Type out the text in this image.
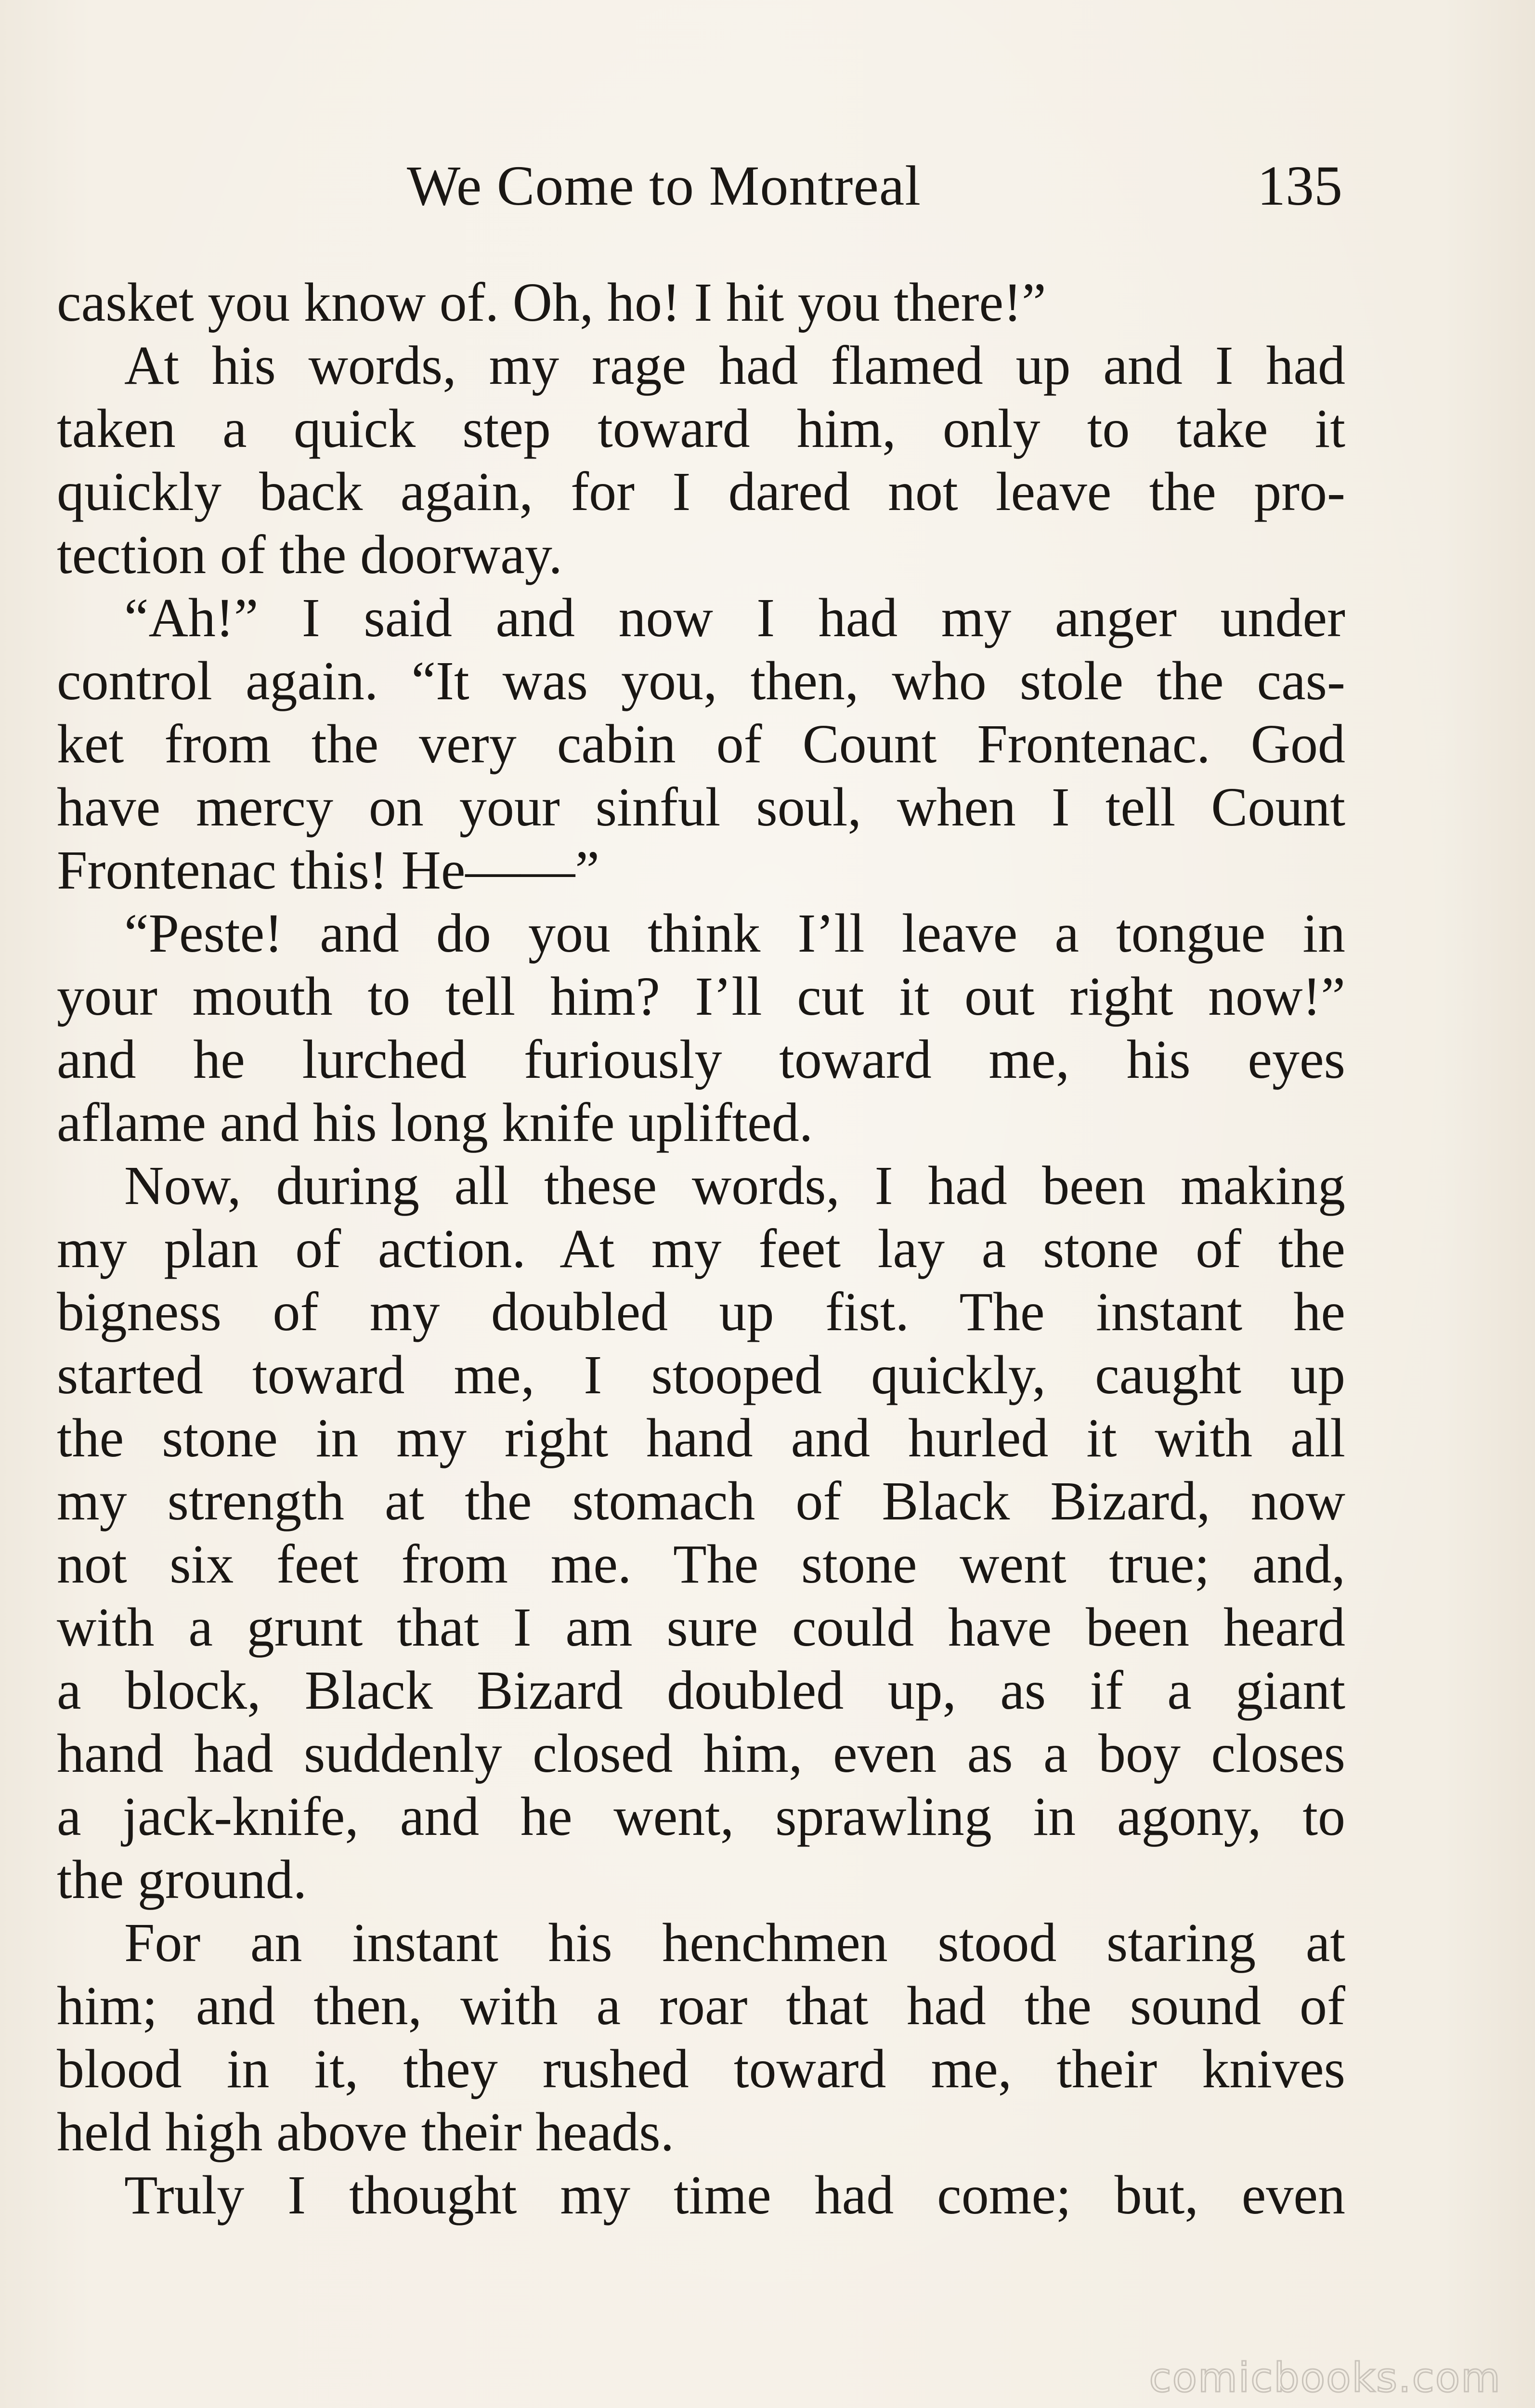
We Come to Montreal	135
casket you know of. Oh, ho! I hit you there!”
At his words, my rage had flamed up and I had
taken a quick step toward him, only to take it
quickly back again, for I dared not leave the pro-
tection of the doorway.
“Ah!” I said and now I had my anger under
control again. “It was you, then, who stole the cas-
ket from the very cabin of Count Frontenac. God
have mercy on your sinful soul, when I tell Count
Frontenac this! He——”
“Peste! and do you think I’ll leave a tongue in
your mouth to tell him? I’ll cut it out right now!”
and he lurched furiously toward me, his eyes
aflame and his long knife uplifted.
Now, during all these words, I had been making
my plan of action. At my feet lay a stone of the
bigness of my doubled up fist. The instant he
started toward me, I stooped quickly, caught up
the stone in my right hand and hurled it with all
my strength at the stomach of Black Bizard, now
not six feet from me. The stone went true; and,
with a grunt that I am sure could have been heard
a block, Black Bizard doubled up, as if a giant
hand had suddenly closed him, even as a boy closes
a jack-knife, and he went, sprawling in agony, to
the ground.
For an instant his henchmen stood staring at
him; and then, with a roar that had the sound of
blood in it, they rushed toward me, their knives
held high above their heads.
Truly I thought my time had come; but, even
comicbooks.com
